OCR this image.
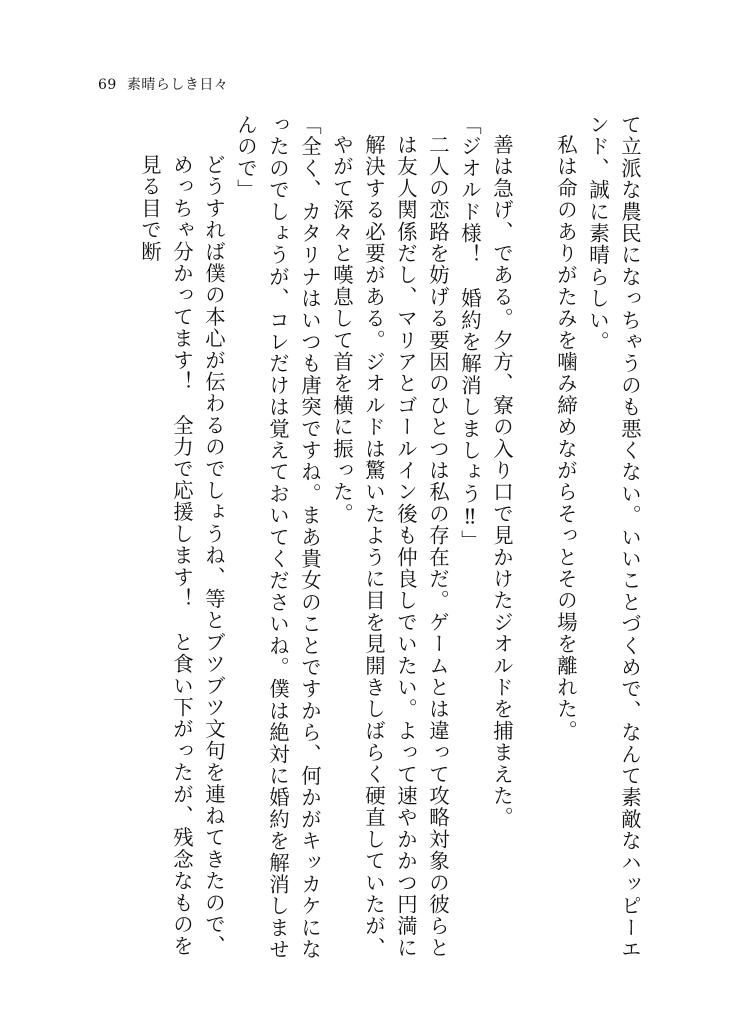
69 素晴らしき日々

て立派な農民になっちゃうのも悪くない。いいことづくめで、なんて素敵なハッピーエンド、誠に素晴らしい。

私は命のありがたみを噛み締めながらそっとその場を離れた。

善は急げ、である。夕方、寮の入り口で見かけたジオルドを捕まえた。

「ジオルド様！　婚約を解消しましょう‼」

二人の恋路を妨げる要因のひとつは私の存在だ。ゲームとは違って攻略対象の彼らとは友人関係だし、マリアとゴールイン後も仲良しでいたい。よって速やかかつ円満に解決する必要がある。ジオルドは驚いたように目を見開きしばらく硬直していたが、やがて深々と嘆息して首を横に振った。

「全く、カタリナはいつも唐突ですね。まあ貴女のことですから、何かがキッカケになったのでしょうが、コレだけは覚えておいてくださいね。僕は絶対に婚約を解消しませんので」

どうすれば僕の本心が伝わるのでしょうね、等とブツブツ文句を連ねてきたので、めっちゃ分かってます！　全力で応援します！　と食い下がったが、残念なものを見る目で断
